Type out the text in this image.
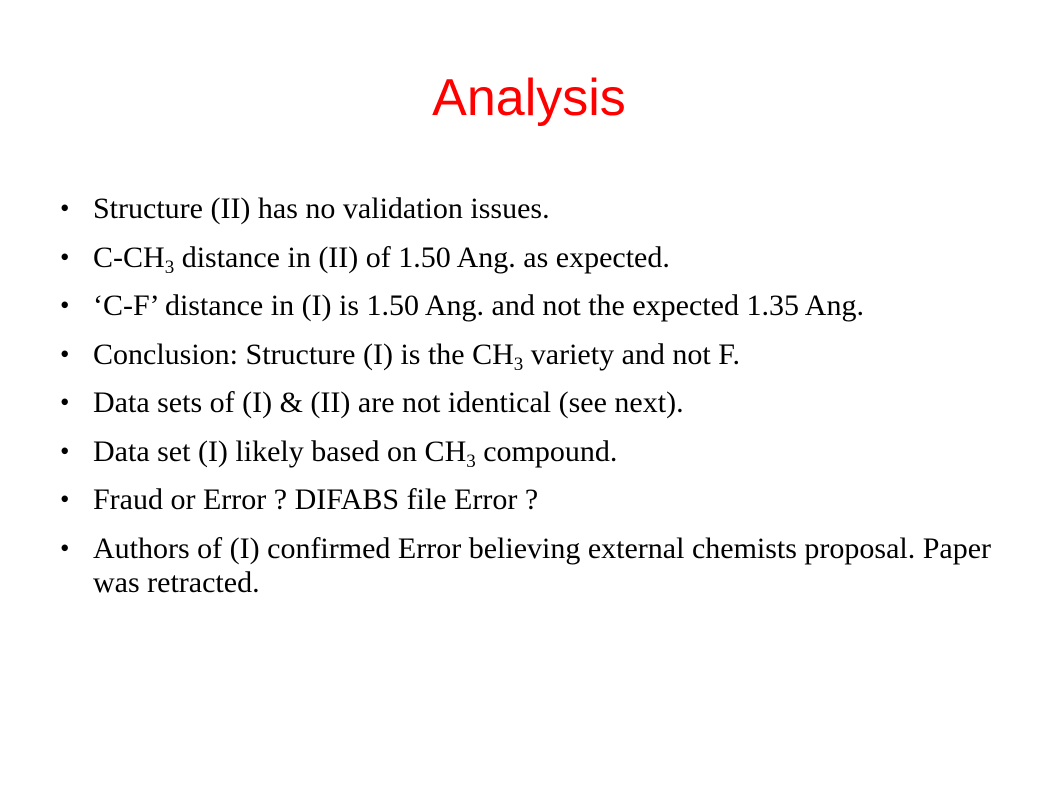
Analysis
• Structure (II) has no validation issues.
• $C-CH_3$ distance in (II) of 1.50 Ang. as expected.
• ‘C-F’ distance in (I) is 1.50 Ang. and not the expected 1.35 Ang.
• Conclusion: Structure (I) is the $CH_3$ variety and not F.
• Data sets of (I) & (II) are not identical (see next).
• Data set (I) likely based on $CH_3$ compound.
• Fraud or Error ? DIFABS file Error ?
• Authors of (I) confirmed Error believing external chemists proposal. Paper was retracted.
